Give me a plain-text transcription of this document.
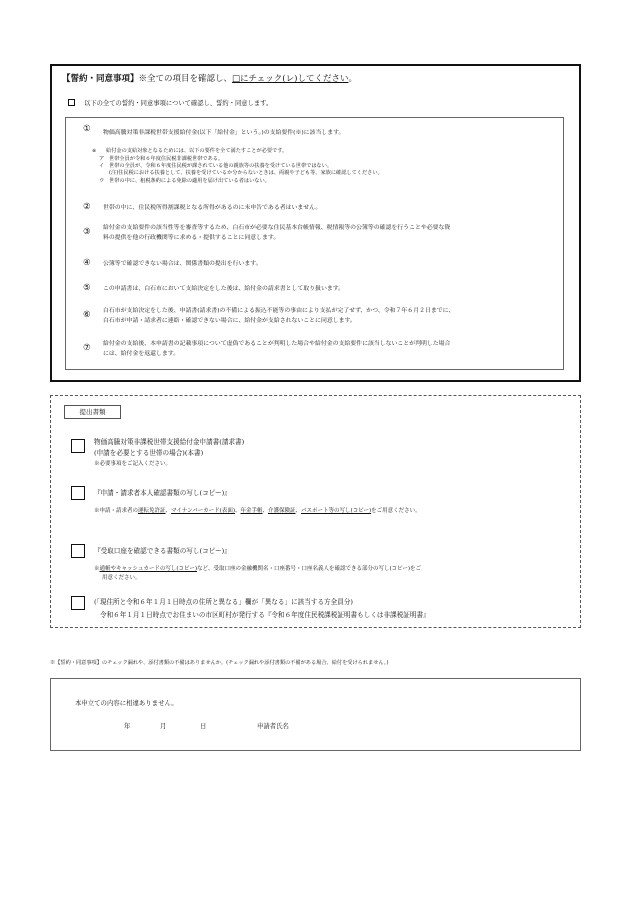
【誓約・同意事項】※全ての項目を確認し、□にチェック(レ)してください。
以下の全ての誓約・同意事項について確認し、誓約・同意します。
① 物価高騰対策非課税世帯支援給付金(以下「給付金」という。)の支給要件(※)に該当します。
※ 給付金の支給対象となるためには、以下の要件を全て満たすことが必要です。
ア 世帯全員が令和６年度住民税非課税世帯である。
イ 世帯の全員が、令和６年度住民税が課されている他の親族等の扶養を受けている世帯ではない。
(注)住民税における扶養として、扶養を受けているか分からないときは、両親や子ども等、家族に確認してください。
ウ 世帯の中に、租税条約による免除の適用を届け出ている者はいない。
② 世帯の中に、住民税所得割課税となる所得があるのに未申告である者はいません。
③ 給付金の支給要件の該当性等を審査等するため、白石市が必要な住民基本台帳情報、税情報等の公簿等の確認を行うことや必要な資
料の提供を他の行政機関等に求める・提供することに同意します。
④ 公簿等で確認できない場合は、関係書類の提出を行います。
⑤ この申請書は、白石市において支給決定をした後は、給付金の請求書として取り扱います。
⑥ 白石市が支給決定をした後、申請書(請求書)の不備による振込不能等の事由により支払が完了せず、かつ、令和７年６月２日までに、
白石市が申請・請求者に連絡・確認できない場合に、給付金が支給されないことに同意します。
⑦ 給付金の支給後、本申請書の記載事項について虚偽であることが判明した場合や給付金の支給要件に該当しないことが判明した場合
には、給付金を返還します。
提出書類
物価高騰対策非課税世帯支援給付金申請書(請求書)
(申請を必要とする世帯の場合)(本書)
※必要事項をご記入ください。
『申請・請求者本人確認書類の写し(コピー)』
※申請・請求者の運転免許証、マイナンバーカード(表面)、年金手帳、介護保険証、パスポート等の写し(コピー)をご用意ください。
『受取口座を確認できる書類の写し(コピー)』
※通帳やキャッシュカードの写し(コピー)など、受取口座の金融機関名・口座番号・口座名義人を確認できる部分の写し(コピー)をご
用意ください。
(「現住所と令和６年１月１日時点の住所と異なる」欄が「異なる」に該当する方全員分)
令和６年１月１日時点でお住まいの市区町村が発行する『令和６年度住民税課税証明書もしくは非課税証明書』
※【誓約・同意事項】のチェック漏れや、添付書類の不備はありませんか。(チェック漏れや添付書類の不備がある場合、給付を受けられません。)
本申立ての内容に相違ありません。
年	月	日	申請者氏名
